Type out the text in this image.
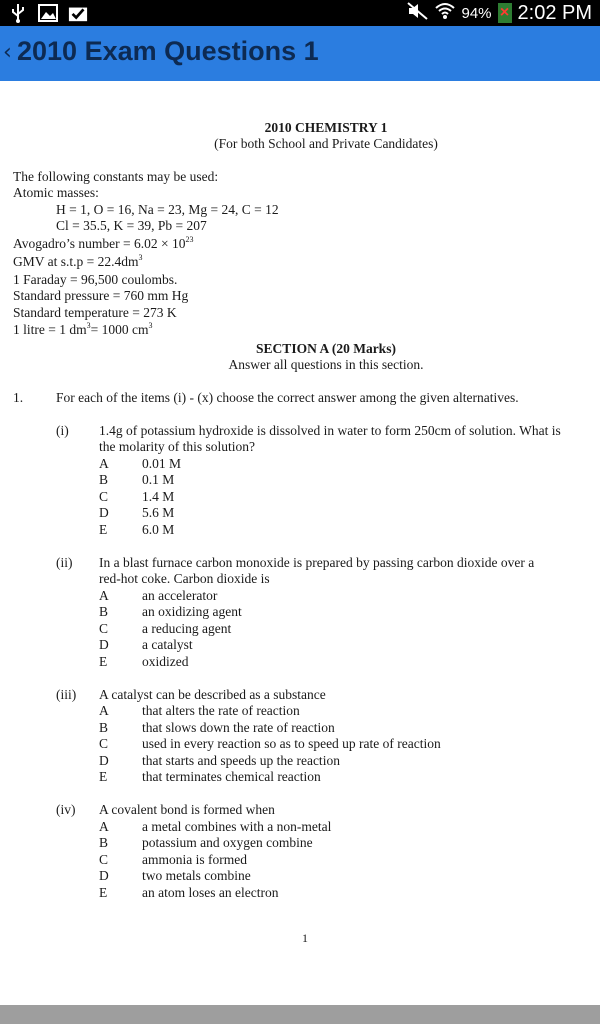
94% × 2:02 PM
‹ 2010 Exam Questions 1
2010 CHEMISTRY 1
(For both School and Private Candidates)
The following constants may be used:
Atomic masses:
H = 1, O = 16, Na = 23, Mg = 24, C = 12
Cl = 35.5, K = 39, Pb = 207
Avogadro’s number = $6.02 \times 10^{23}$
GMV at $s.t.p = 22.4dm^3$
1 Faraday = 96,500 coulombs.
Standard pressure = 760 mm Hg
Standard temperature = 273 K
1 litre = 1 $dm^3= 1000$ $cm^3$
SECTION A (20 Marks)
Answer all questions in this section.
1. For each of the items (i) - (x) choose the correct answer among the given alternatives.
(i) 1.4g of potassium hydroxide is dissolved in water to form 250cm of solution. What is
the molarity of this solution?
A 0.01 M
B	0.1 M
C	1.4 M
D 5.6 M
E	6.0 M
(ii) In a blast furnace carbon monoxide is prepared by passing carbon dioxide over a
red-hot coke. Carbon dioxide is
A an accelerator
B	an oxidizing agent
C	a reducing agent
D a catalyst
E	oxidized
(iii) A catalyst can be described as a substance
A that alters the rate of reaction
B	that slows down the rate of reaction
C	used in every reaction so as to speed up rate of reaction
D that starts and speeds up the reaction
E	that terminates chemical reaction
(iv) A covalent bond is formed when
A a metal combines with a non-metal
B	potassium and oxygen combine
C	ammonia is formed
D two metals combine
E	an atom loses an electron
1
